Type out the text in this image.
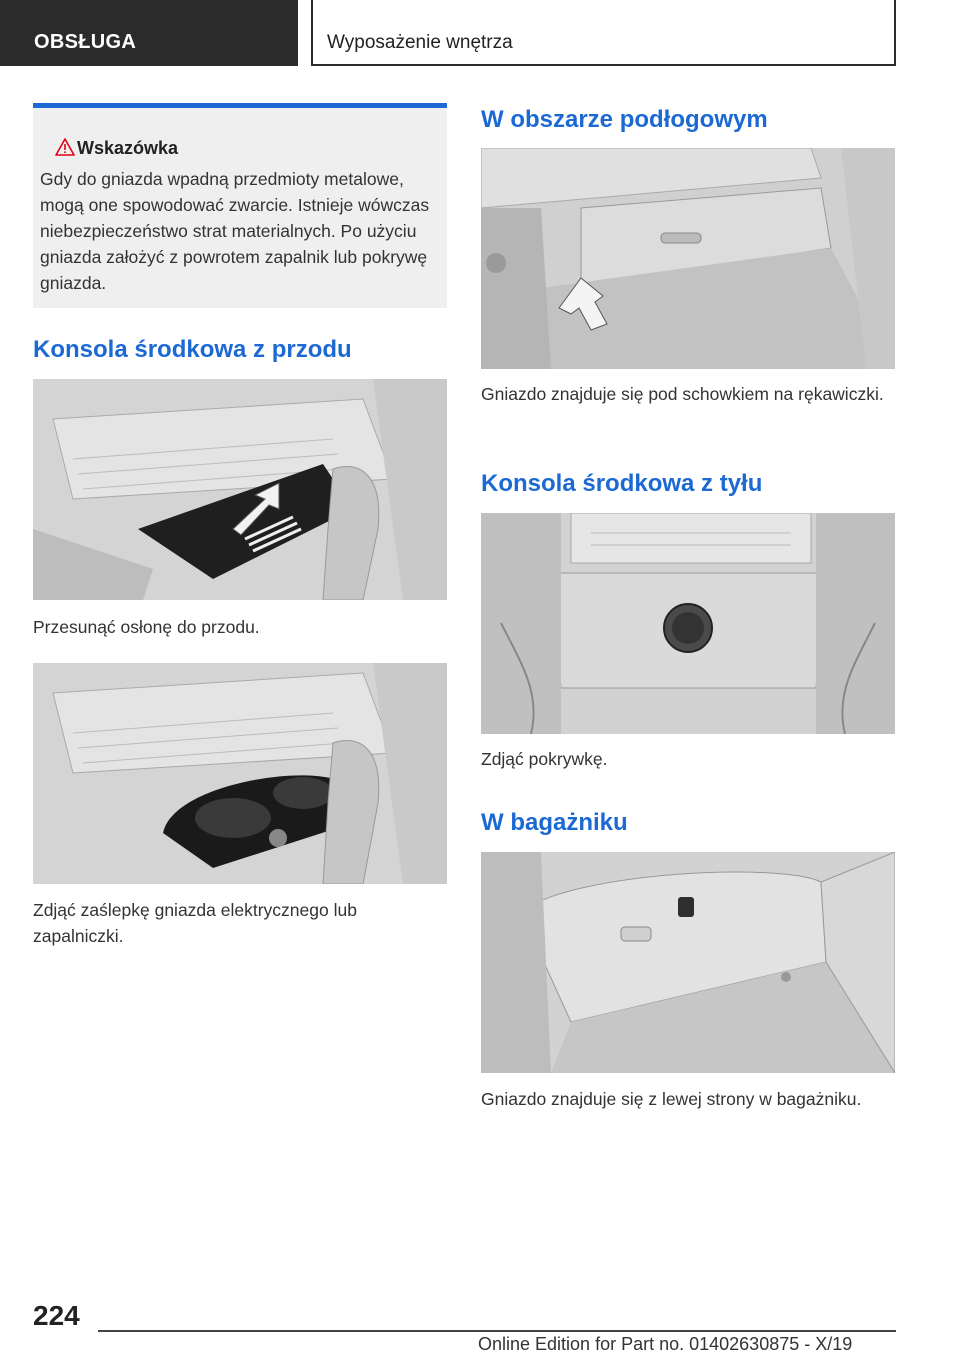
OBSŁUGA	Wyposażenie wnętrza
Wskazówka
Gdy do gniazda wpadną przedmioty metalowe, mogą one spowodować zwarcie. Istnieje wówczas niebezpieczeństwo strat materialnych. Po użyciu gniazda założyć z powrotem zapalnik lub pokrywę gniazda.
Konsola środkowa z przodu
Przesunąć osłonę do przodu.
Zdjąć zaślepkę gniazda elektrycznego lub zapalniczki.
W obszarze podłogowym
Gniazdo znajduje się pod schowkiem na rękawiczki.
Konsola środkowa z tyłu
Zdjąć pokrywkę.
W bagażniku
Gniazdo znajduje się z lewej strony w bagażniku.
224
Online Edition for Part no. 01402630875 - X/19
